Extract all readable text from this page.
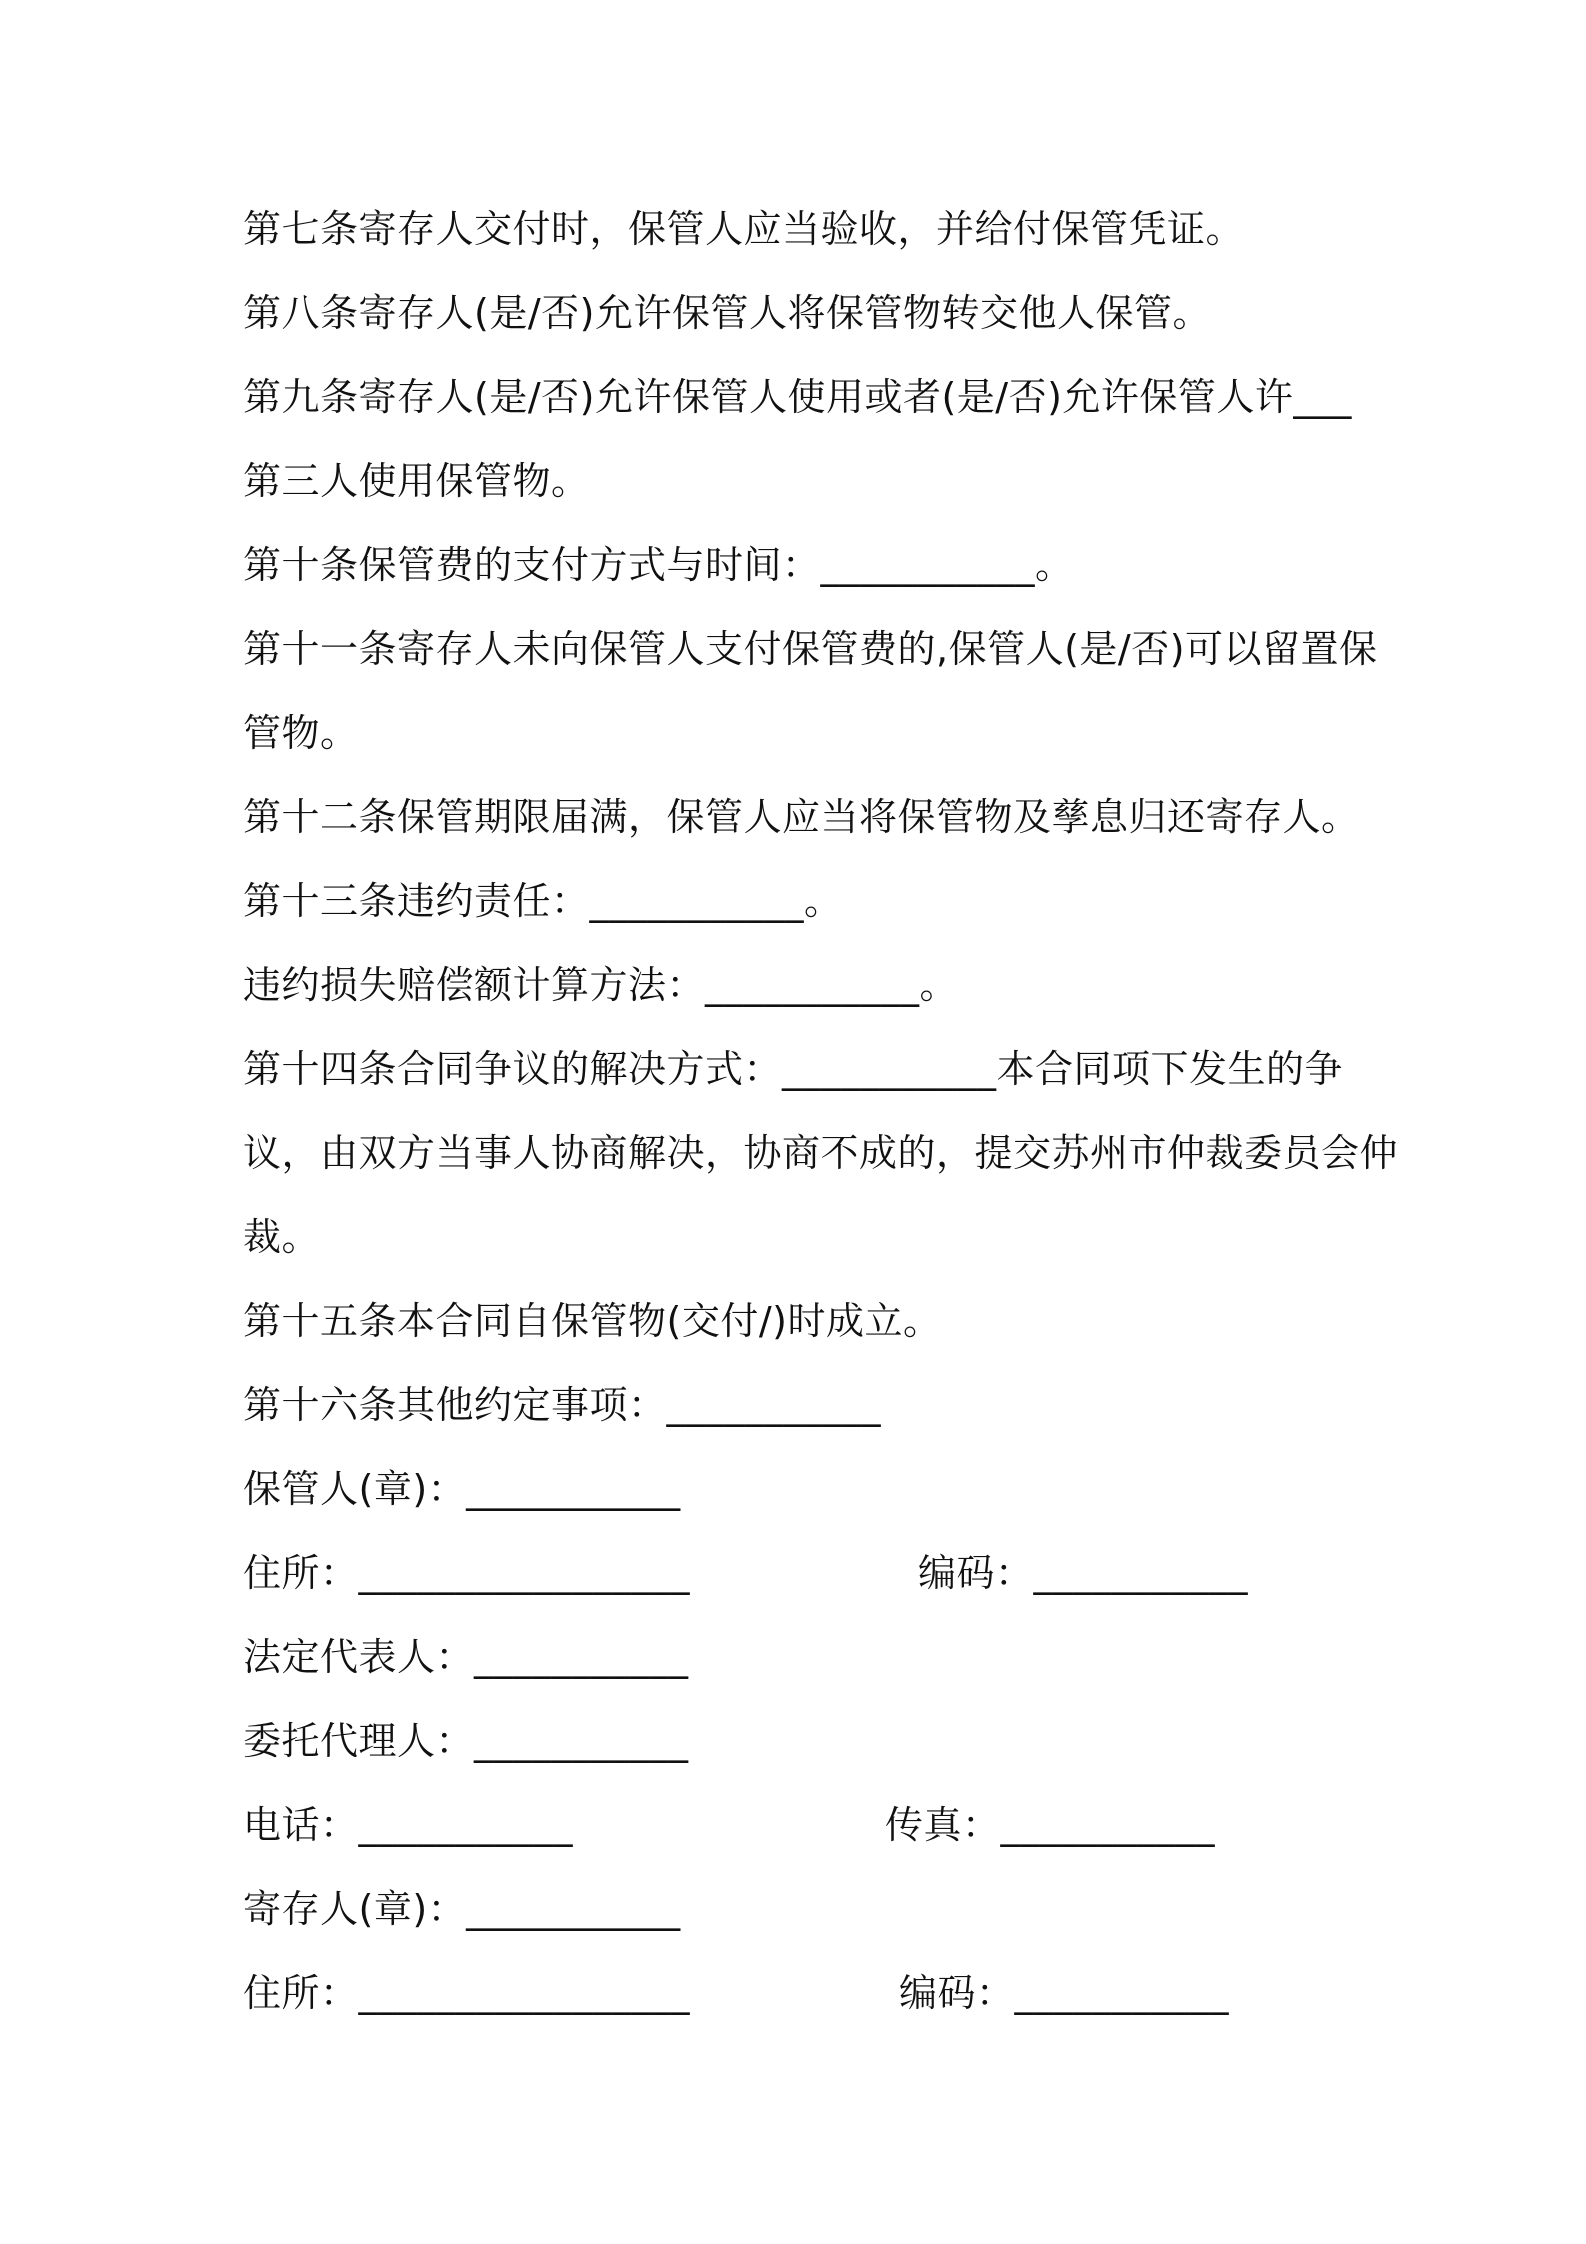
第七条寄存人交付时，保管人应当验收，并给付保管凭证。
第八条寄存人(是/否)允许保管人将保管物转交他人保管。
第九条寄存人(是/否)允许保管人使用或者(是/否)允许保管人许___
第三人使用保管物。
第十条保管费的支付方式与时间：___________。
第十一条寄存人未向保管人支付保管费的,保管人(是/否)可以留置保
管物。
第十二条保管期限届满，保管人应当将保管物及孳息归还寄存人。
第十三条违约责任：___________。
违约损失赔偿额计算方法：___________。
第十四条合同争议的解决方式：___________本合同项下发生的争
议，由双方当事人协商解决，协商不成的，提交苏州市仲裁委员会仲
裁。
第十五条本合同自保管物(交付/)时成立。
第十六条其他约定事项：___________
保管人(章)：___________
住所：_________________	编码：___________
法定代表人：___________
委托代理人：___________
电话：___________	传真：___________
寄存人(章)：___________
住所：_________________	编码：___________
